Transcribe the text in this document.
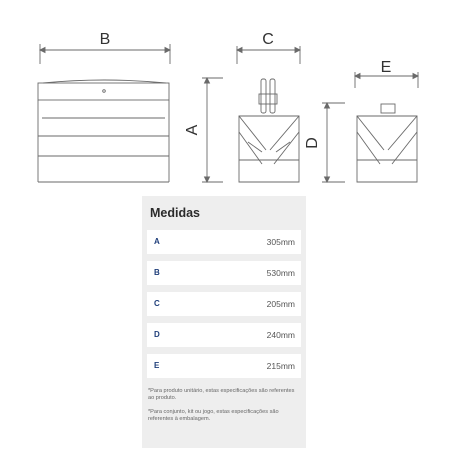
B	C
E
A
D
Medidas
A	305mm
B	530mm
C	205mm
D	240mm
E	215mm
*Para produto unitário, estas especificações são referentes ao produto.
*Para conjunto, kit ou jogo, estas especificações são referentes à embalagem.
